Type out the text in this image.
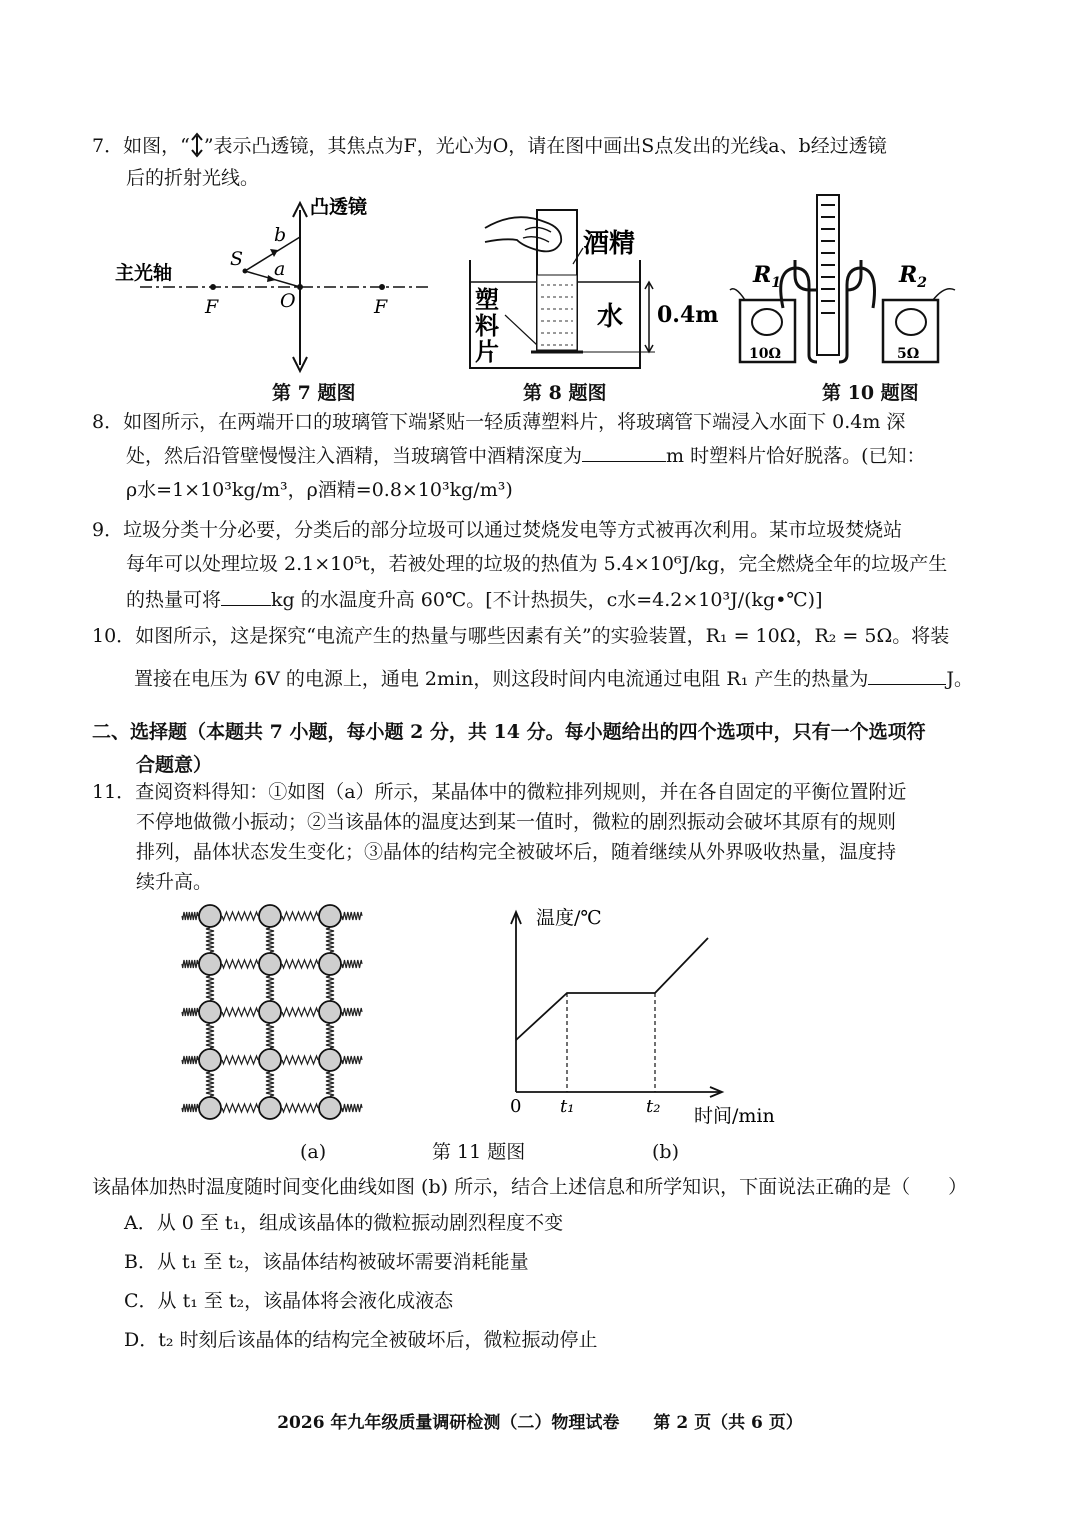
7．如图，“ ”表示凸透镜，其焦点为F，光心为O，请在图中画出S点发出的光线a、b经过透镜
后的折射光线。
凸透镜
主光轴
S
b
a
O
F	F
第 7 题图
酒精
水
塑
料
片
0.4m
第 8 题图
$R_1$	$R_2$
10Ω	5Ω
第 10 题图
8．如图所示，在两端开口的玻璃管下端紧贴一轻质薄塑料片，将玻璃管下端浸入水面下 0.4m 深
处，然后沿管壁慢慢注入酒精，当玻璃管中酒精深度为	m 时塑料片恰好脱落。(已知：
ρ水=1×10³kg/m³，ρ酒精=0.8×10³kg/m³)
9．垃圾分类十分必要，分类后的部分垃圾可以通过焚烧发电等方式被再次利用。某市垃圾焚烧站
每年可以处理垃圾 2.1×10⁵t，若被处理的垃圾的热值为 5.4×10⁶J/kg，完全燃烧全年的垃圾产生
的热量可将	kg 的水温度升高 60℃。[不计热损失，c水=4.2×10³J/(kg•℃)]
10．如图所示，这是探究“电流产生的热量与哪些因素有关”的实验装置，R₁ = 10Ω，R₂ = 5Ω。将装
置接在电压为 6V 的电源上，通电 2min，则这段时间内电流通过电阻 R₁ 产生的热量为	J。
二、选择题（本题共 7 小题，每小题 2 分，共 14 分。每小题给出的四个选项中，只有一个选项符
合题意）
11．查阅资料得知：①如图（a）所示，某晶体中的微粒排列规则，并在各自固定的平衡位置附近
不停地做微小振动；②当该晶体的温度达到某一值时，微粒的剧烈振动会破坏其原有的规则
排列，晶体状态发生变化；③晶体的结构完全被破坏后，随着继续从外界吸收热量，温度持
续升高。
温度/℃
时间/min
0 t₁	t₂
(a)	第 11 题图	(b)
该晶体加热时温度随时间变化曲线如图 (b) 所示，结合上述信息和所学知识，下面说法正确的是（　　）
A．从 0 至 t₁，组成该晶体的微粒振动剧烈程度不变
B．从 t₁ 至 t₂，该晶体结构被破坏需要消耗能量
C．从 t₁ 至 t₂，该晶体将会液化成液态
D．t₂ 时刻后该晶体的结构完全被破坏后，微粒振动停止
2026 年九年级质量调研检测（二）物理试卷　　第 2 页（共 6 页）
